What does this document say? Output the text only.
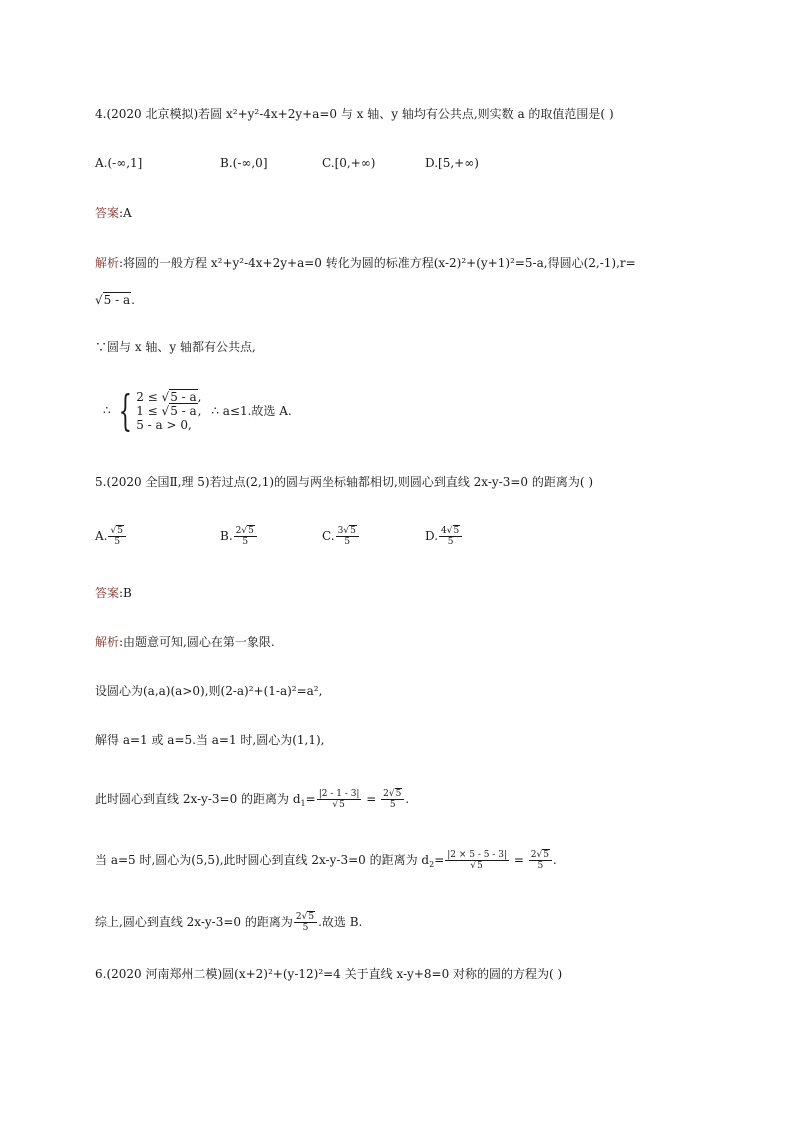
4.(2020 北京模拟)若圆 x²+y²-4x+2y+a=0 与 x 轴、y 轴均有公共点,则实数 a 的取值范围是( )
A.(-∞,1]	B.(-∞,0]	C.[0,+∞)	D.[5,+∞)
答案:A
解析:将圆的一般方程 x²+y²-4x+2y+a=0 转化为圆的标准方程(x-2)²+(y+1)²=5-a,得圆心(2,-1),r=
√5 - a.
∵圆与 x 轴、y 轴都有公共点,
∴ { 2 ≤ √5 - a,
1 ≤ √5 - a,
5 - a > 0,
∴ a≤1.故选 A.
5.(2020 全国Ⅱ,理 5)若过点(2,1)的圆与两坐标轴都相切,则圆心到直线 2x-y-3=0 的距离为( )
A. $\frac{√5}{5}$	B. $\frac{2√5}{5}$	C. $\frac{3√5}{5}$	D. $\frac{4√5}{5}$
答案:B
解析:由题意可知,圆心在第一象限.
设圆心为(a,a)(a>0),则(2-a)²+(1-a)²=a²,
解得 a=1 或 a=5.当 a=1 时,圆心为(1,1),
此时圆心到直线 2x-y-3=0 的距离为 $d_1= \frac{|2 - 1 - 3|}{√5} = \frac{2√5}{5}$ .
当 a=5 时,圆心为(5,5),此时圆心到直线 2x-y-3=0 的距离为 $d_2= \frac{|2 \times 5 - 5 - 3|}{√5} = \frac{2√5}{5}$ .
综上,圆心到直线 2x-y-3=0 的距离为 $\frac{2√5}{5}$ .故选 B.
6.(2020 河南郑州二模)圆(x+2)²+(y-12)²=4 关于直线 x-y+8=0 对称的圆的方程为( )
